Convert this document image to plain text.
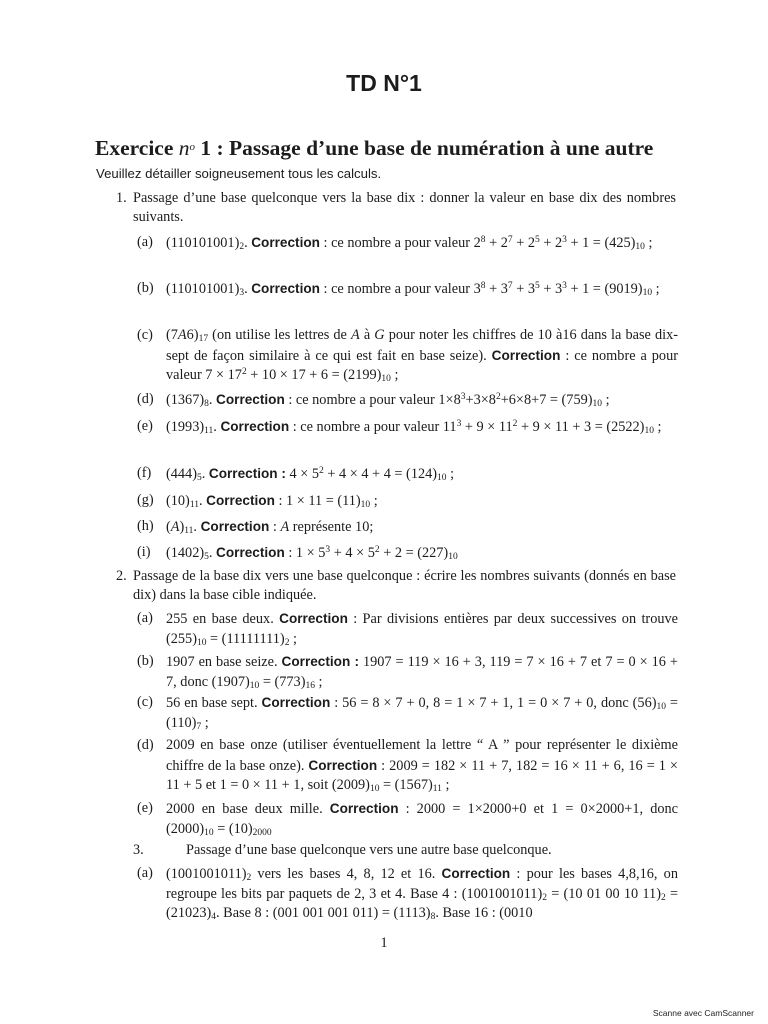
TD N°1
Exercice $n^o$ 1 : Passage d’une base de numération à une autre
Veuillez détailler soigneusement tous les calculs.
1. Passage d’une base quelconque vers la base dix : donner la valeur en base dix des nombres suivants.
(a) $(110101001)_2$. Correction : ce nombre a pour valeur $2^8 + 2^7 + 2^5 + 2^3 + 1 = (425)_{10}$ ;
(b) $(110101001)_3$. Correction : ce nombre a pour valeur $3^8 + 3^7 + 3^5 + 3^3 + 1 = (9019)_{10}$ ;
(c) $(7A6)_{17}$ (on utilise les lettres de A à G pour noter les chiffres de 10 à16 dans la base dix-sept de façon similaire à ce qui est fait en base seize). Correction : ce nombre a pour valeur $7 \times 17^2 + 10 \times 17 + 6 = (2199)_{10}$ ;
(d) $(1367)_8$. Correction : ce nombre a pour valeur $1\times 8^3+3\times 8^2+6\times 8+7 = (759)_{10}$ ;
(e) $(1993)_{11}$. Correction : ce nombre a pour valeur $11^3 + 9 \times 11^2 + 9 \times 11 + 3 = (2522)_{10}$ ;
(f) $(444)_5$. Correction : $4 \times 5^2 + 4 \times 4 + 4 = (124)_{10}$ ;
(g) $(10)_{11}$. Correction : $1 \times 11 = (11)_{10}$ ;
(h) $(A)_{11}$. Correction : A représente 10;
(i) $(1402)_5$. Correction : $1 \times 5^3 + 4 \times 5^2 + 2 = (227)_{10}$
2. Passage de la base dix vers une base quelconque : écrire les nombres suivants (donnés en base dix) dans la base cible indiquée.
(a) 255 en base deux. Correction : Par divisions entières par deux successives on trouve $(255)_{10} = (11111111)_2$ ;
(b) 1907 en base seize. Correction : 1907 = 119 × 16 + 3, 119 = 7 × 16 + 7 et 7 = 0 × 16 + 7, donc $(1907)_{10} = (773)_{16}$ ;
(c) 56 en base sept. Correction : 56 = 8 × 7 + 0, 8 = 1 × 7 + 1, 1 = 0 × 7 + 0, donc $(56)_{10} = (110)_7$ ;
(d) 2009 en base onze (utiliser éventuellement la lettre “ A ” pour représenter le dixième chiffre de la base onze). Correction : 2009 = 182 × 11 + 7, 182 = 16 × 11 + 6, 16 = 1 × 11 + 5 et 1 = 0 × 11 + 1, soit $(2009)_{10} = (1567)_{11}$ ;
(e) 2000 en base deux mille. Correction : 2000 = 1×2000+0 et 1 = 0×2000+1, donc $(2000)_{10} = (10)_{2000}$
3.	Passage d’une base quelconque vers une autre base quelconque.
(a) $(1001001011)_2$ vers les bases 4, 8, 12 et 16. Correction : pour les bases 4,8,16, on regroupe les bits par paquets de 2, 3 et 4. Base 4 : $(1001001011)_2 = (10$ 01 00 10 $11)_2 = (21023)_4$. Base 8 : (001 001 001 $011) = (1113)_8$. Base 16 : (0010
1
Scanne avec CamScanner
